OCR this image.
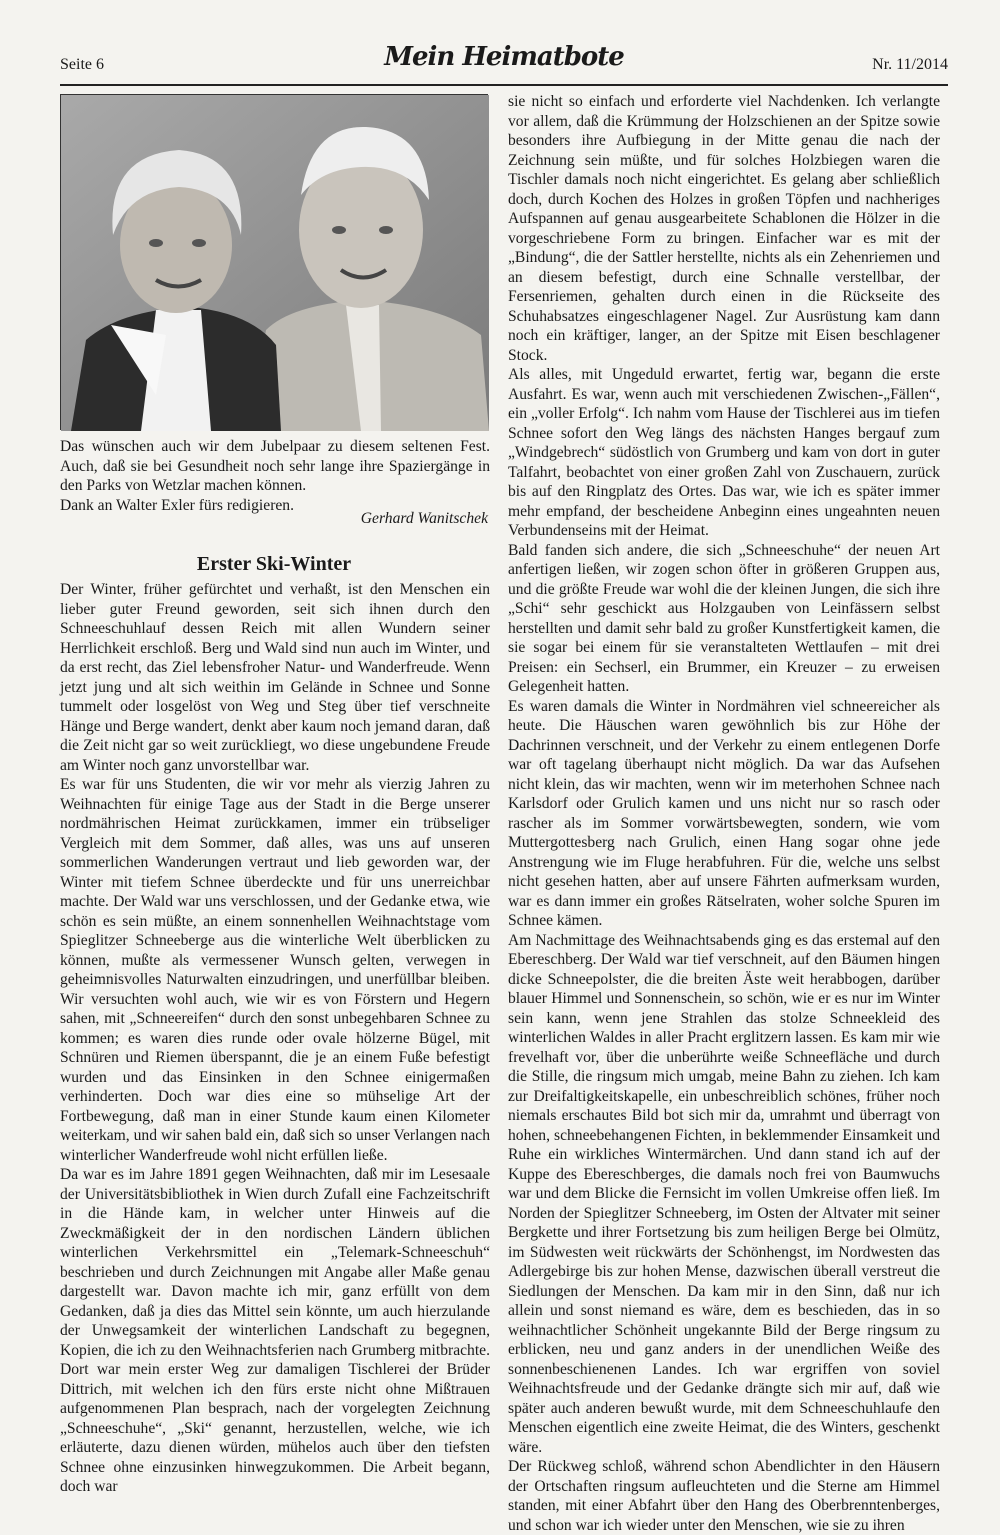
Seite 6	Mein Heimatbote	Nr. 11/2014

Das wünschen auch wir dem Jubelpaar zu diesem seltenen Fest. Auch, daß sie bei Gesundheit noch sehr lange ihre Spaziergänge in den Parks von Wetzlar machen können.

Dank an Walter Exler fürs redigieren.

Gerhard Wanitschek
Erster Ski-Winter

Der Winter, früher gefürchtet und verhaßt, ist den Menschen ein lieber guter Freund geworden, seit sich ihnen durch den Schneeschuhlauf dessen Reich mit allen Wundern seiner Herrlichkeit erschloß. Berg und Wald sind nun auch im Winter, und da erst recht, das Ziel lebensfroher Natur- und Wanderfreude. Wenn jetzt jung und alt sich weithin im Gelände in Schnee und Sonne tummelt oder losgelöst von Weg und Steg über tief verschneite Hänge und Berge wandert, denkt aber kaum noch jemand daran, daß die Zeit nicht gar so weit zurückliegt, wo diese ungebundene Freude am Winter noch ganz unvorstellbar war.

Es war für uns Studenten, die wir vor mehr als vierzig Jahren zu Weihnachten für einige Tage aus der Stadt in die Berge unserer nordmährischen Heimat zurückkamen, immer ein trübseliger Vergleich mit dem Sommer, daß alles, was uns auf unseren sommerlichen Wanderungen vertraut und lieb geworden war, der Winter mit tiefem Schnee überdeckte und für uns unerreichbar machte. Der Wald war uns verschlossen, und der Gedanke etwa, wie schön es sein müßte, an einem sonnenhellen Weihnachtstage vom Spieglitzer Schneeberge aus die winterliche Welt überblicken zu können, mußte als vermessener Wunsch gelten, verwegen in geheimnisvolles Naturwalten einzudringen, und unerfüllbar bleiben. Wir versuchten wohl auch, wie wir es von Förstern und Hegern sahen, mit „Schneereifen“ durch den sonst unbegehbaren Schnee zu kommen; es waren dies runde oder ovale hölzerne Bügel, mit Schnüren und Riemen überspannt, die je an einem Fuße befestigt wurden und das Einsinken in den Schnee einigermaßen verhinderten. Doch war dies eine so mühselige Art der Fortbewegung, daß man in einer Stunde kaum einen Kilometer weiterkam, und wir sahen bald ein, daß sich so unser Verlangen nach winterlicher Wanderfreude wohl nicht erfüllen ließe.

Da war es im Jahre 1891 gegen Weihnachten, daß mir im Lesesaale der Universitätsbibliothek in Wien durch Zufall eine Fachzeitschrift in die Hände kam, in welcher unter Hinweis auf die Zweckmäßigkeit der in den nordischen Ländern üblichen winterlichen Verkehrsmittel ein „Telemark-Schneeschuh“ beschrieben und durch Zeichnungen mit Angabe aller Maße genau dargestellt war. Davon machte ich mir, ganz erfüllt von dem Gedanken, daß ja dies das Mittel sein könnte, um auch hierzulande der Unwegsamkeit der winterlichen Landschaft zu begegnen, Kopien, die ich zu den Weihnachtsferien nach Grumberg mitbrachte. Dort war mein erster Weg zur damaligen Tischlerei der Brüder Dittrich, mit welchen ich den fürs erste nicht ohne Mißtrauen aufgenommenen Plan besprach, nach der vorgelegten Zeichnung „Schneeschuhe“, „Ski“ genannt, herzustellen, welche, wie ich erläuterte, dazu dienen würden, mühelos auch über den tiefsten Schnee ohne einzusinken hinwegzukommen. Die Arbeit begann, doch war

sie nicht so einfach und erforderte viel Nachdenken. Ich verlangte vor allem, daß die Krümmung der Holzschienen an der Spitze sowie besonders ihre Aufbiegung in der Mitte genau die nach der Zeichnung sein müßte, und für solches Holzbiegen waren die Tischler damals noch nicht eingerichtet. Es gelang aber schließlich doch, durch Kochen des Holzes in großen Töpfen und nachheriges Aufspannen auf genau ausgearbeitete Schablonen die Hölzer in die vorgeschriebene Form zu bringen. Einfacher war es mit der „Bindung“, die der Sattler herstellte, nichts als ein Zehenriemen und an diesem befestigt, durch eine Schnalle verstellbar, der Fersenriemen, gehalten durch einen in die Rückseite des Schuhabsatzes eingeschlagener Nagel. Zur Ausrüstung kam dann noch ein kräftiger, langer, an der Spitze mit Eisen beschlagener Stock.

Als alles, mit Ungeduld erwartet, fertig war, begann die erste Ausfahrt. Es war, wenn auch mit verschiedenen Zwischen-„Fällen“, ein „voller Erfolg“. Ich nahm vom Hause der Tischlerei aus im tiefen Schnee sofort den Weg längs des nächsten Hanges bergauf zum „Windgebrech“ südöstlich von Grumberg und kam von dort in guter Talfahrt, beobachtet von einer großen Zahl von Zuschauern, zurück bis auf den Ringplatz des Ortes. Das war, wie ich es später immer mehr empfand, der bescheidene Anbeginn eines ungeahnten neuen Verbundenseins mit der Heimat.

Bald fanden sich andere, die sich „Schneeschuhe“ der neuen Art anfertigen ließen, wir zogen schon öfter in größeren Gruppen aus, und die größte Freude war wohl die der kleinen Jungen, die sich ihre „Schi“ sehr geschickt aus Holzgauben von Leinfässern selbst herstellten und damit sehr bald zu großer Kunstfertigkeit kamen, die sie sogar bei einem für sie veranstalteten Wettlaufen – mit drei Preisen: ein Sechserl, ein Brummer, ein Kreuzer – zu erweisen Gelegenheit hatten.

Es waren damals die Winter in Nordmähren viel schneereicher als heute. Die Häuschen waren gewöhnlich bis zur Höhe der Dachrinnen verschneit, und der Verkehr zu einem entlegenen Dorfe war oft tagelang überhaupt nicht möglich. Da war das Aufsehen nicht klein, das wir machten, wenn wir im meterhohen Schnee nach Karlsdorf oder Grulich kamen und uns nicht nur so rasch oder rascher als im Sommer vorwärtsbewegten, sondern, wie vom Muttergottesberg nach Grulich, einen Hang sogar ohne jede Anstrengung wie im Fluge herabfuhren. Für die, welche uns selbst nicht gesehen hatten, aber auf unsere Fährten aufmerksam wurden, war es dann immer ein großes Rätselraten, woher solche Spuren im Schnee kämen.

Am Nachmittage des Weihnachtsabends ging es das erstemal auf den Ebereschberg. Der Wald war tief verschneit, auf den Bäumen hingen dicke Schneepolster, die die breiten Äste weit herabbogen, darüber blauer Himmel und Sonnenschein, so schön, wie er es nur im Winter sein kann, wenn jene Strahlen das stolze Schneekleid des winterlichen Waldes in aller Pracht erglitzern lassen. Es kam mir wie frevelhaft vor, über die unberührte weiße Schneefläche und durch die Stille, die ringsum mich umgab, meine Bahn zu ziehen. Ich kam zur Dreifaltigkeitskapelle, ein unbeschreiblich schönes, früher noch niemals erschautes Bild bot sich mir da, umrahmt und überragt von hohen, schneebehangenen Fichten, in beklemmender Einsamkeit und Ruhe ein wirkliches Wintermärchen. Und dann stand ich auf der Kuppe des Ebereschberges, die damals noch frei von Baumwuchs war und dem Blicke die Fernsicht im vollen Umkreise offen ließ. Im Norden der Spieglitzer Schneeberg, im Osten der Altvater mit seiner Bergkette und ihrer Fortsetzung bis zum heiligen Berge bei Olmütz, im Südwesten weit rückwärts der Schönhengst, im Nordwesten das Adlergebirge bis zur hohen Mense, dazwischen überall verstreut die Siedlungen der Menschen. Da kam mir in den Sinn, daß nur ich allein und sonst niemand es wäre, dem es beschieden, das in so weihnachtlicher Schönheit ungekannte Bild der Berge ringsum zu erblicken, neu und ganz anders in der unendlichen Weiße des sonnenbeschienenen Landes. Ich war ergriffen von soviel Weihnachtsfreude und der Gedanke drängte sich mir auf, daß wie später auch anderen bewußt wurde, mit dem Schneeschuhlaufe den Menschen eigentlich eine zweite Heimat, die des Winters, geschenkt wäre.

Der Rückweg schloß, während schon Abendlichter in den Häusern der Ortschaften ringsum aufleuchteten und die Sterne am Himmel standen, mit einer Abfahrt über den Hang des Oberbrenntenberges, und schon war ich wieder unter den Menschen, wie sie zu ihren
